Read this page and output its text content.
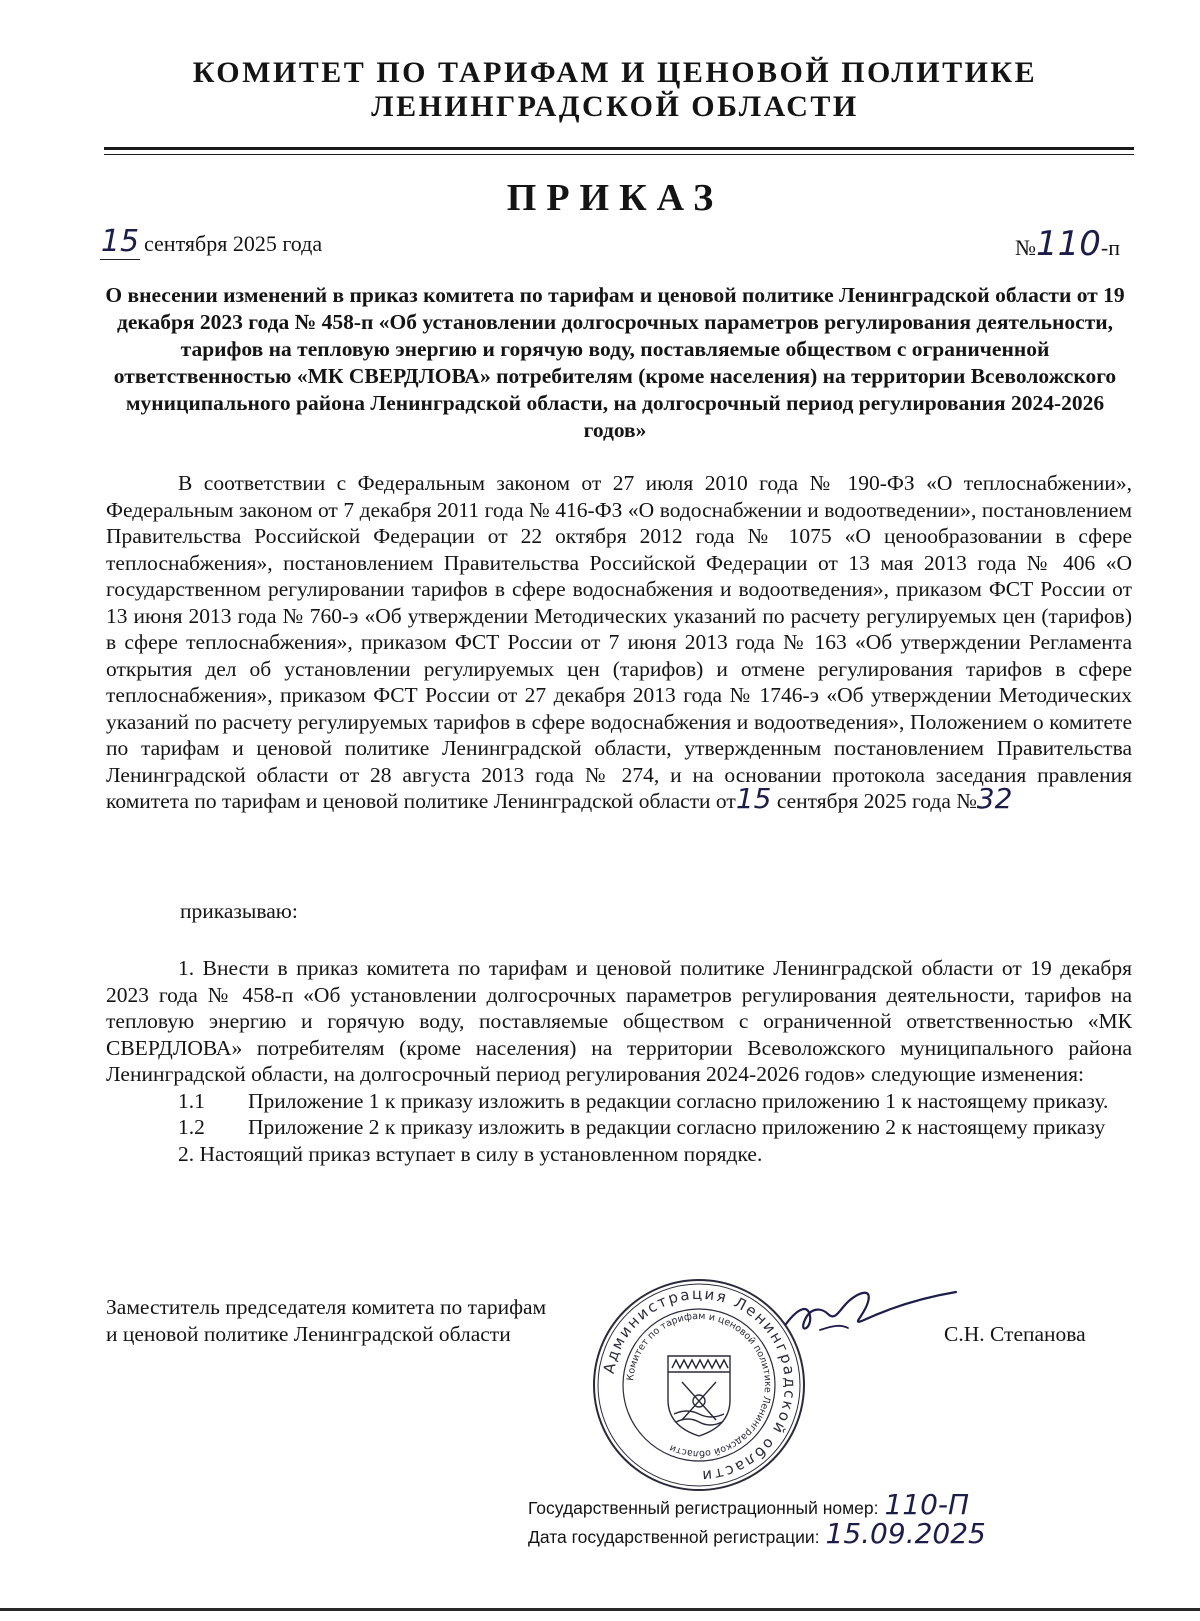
КОМИТЕТ ПО ТАРИФАМ И ЦЕНОВОЙ ПОЛИТИКЕ
ЛЕНИНГРАДСКОЙ ОБЛАСТИ
ПРИКАЗ
15 сентября 2025 года	№110-п
О внесении изменений в приказ комитета по тарифам и ценовой политике Ленинградской области от 19 декабря 2023 года № 458-п «Об установлении долгосрочных параметров регулирования деятельности, тарифов на тепловую энергию и горячую воду, поставляемые обществом с ограниченной ответственностью «МК СВЕРДЛОВА» потребителям (кроме населения) на территории Всеволожского муниципального района Ленинградской области, на долгосрочный период регулирования 2024-2026 годов»
В соответствии с Федеральным законом от 27 июля 2010 года № 190-ФЗ «О теплоснабжении», Федеральным законом от 7 декабря 2011 года № 416-ФЗ «О водоснабжении и водоотведении», постановлением Правительства Российской Федерации от 22 октября 2012 года № 1075 «О ценообразовании в сфере теплоснабжения», постановлением Правительства Российской Федерации от 13 мая 2013 года № 406 «О государственном регулировании тарифов в сфере водоснабжения и водоотведения», приказом ФСТ России от 13 июня 2013 года № 760-э «Об утверждении Методических указаний по расчету регулируемых цен (тарифов) в сфере теплоснабжения», приказом ФСТ России от 7 июня 2013 года № 163 «Об утверждении Регламента открытия дел об установлении регулируемых цен (тарифов) и отмене регулирования тарифов в сфере теплоснабжения», приказом ФСТ России от 27 декабря 2013 года № 1746-э «Об утверждении Методических указаний по расчету регулируемых тарифов в сфере водоснабжения и водоотведения», Положением о комитете по тарифам и ценовой политике Ленинградской области, утвержденным постановлением Правительства Ленинградской области от 28 августа 2013 года № 274, и на основании протокола заседания правления комитета по тарифам и ценовой политике Ленинградской области от15 сентября 2025 года №32
приказываю:

1. Внести в приказ комитета по тарифам и ценовой политике Ленинградской области от 19 декабря 2023 года № 458-п «Об установлении долгосрочных параметров регулирования деятельности, тарифов на тепловую энергию и горячую воду, поставляемые обществом с ограниченной ответственностью «МК СВЕРДЛОВА» потребителям (кроме населения) на территории Всеволожского муниципального района Ленинградской области, на долгосрочный период регулирования 2024-2026 годов» следующие изменения:

1.1 Приложение 1 к приказу изложить в редакции согласно приложению 1 к настоящему приказу.

1.2 Приложение 2 к приказу изложить в редакции согласно приложению 2 к настоящему приказу

2. Настоящий приказ вступает в силу в установленном порядке.

Заместитель председателя комитета по тарифам
и ценовой политике Ленинградской области
Администрация Ленинградской области
Комитет по тарифам и ценовой политике Ленинградской области
С.Н. Степанова
Государственный регистрационный номер: 110-П
Дата государственной регистрации: 15.09.2025
